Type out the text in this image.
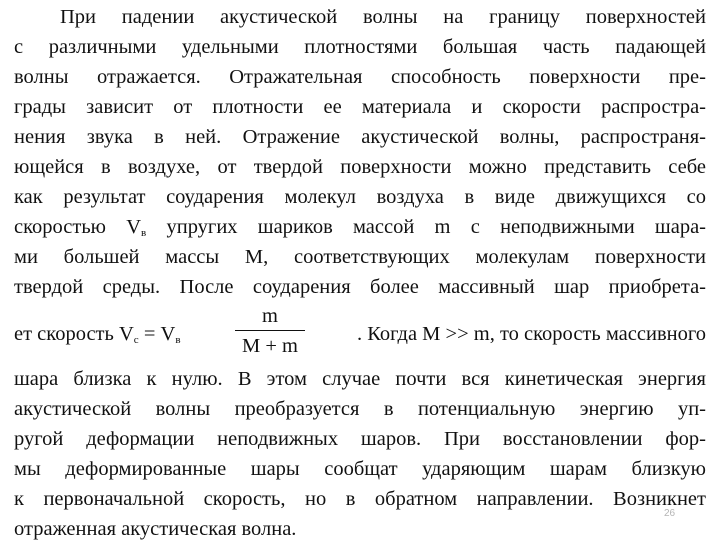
При падении акустической волны на границу поверхностей
с различными удельными плотностями большая часть падающей
волны отражается. Отражательная способность поверхности пре-
грады зависит от плотности ее материала и скорости распростра-
нения звука в ней. Отражение акустической волны, распространя-
ющейся в воздухе, от твердой поверхности можно представить себе
как результат соударения молекул воздуха в виде движущихся со
скоростью $V_в$ упругих шариков массой m с неподвижными шара-
ми большей массы M, соответствующих молекулам поверхности
твердой среды. После соударения более массивный шар приобрета-
ет скорость $V_с = V_в$	$\frac{m}{M + m}$	. Когда M >> m, то скорость массивного
шара близка к нулю. В этом случае почти вся кинетическая энергия
акустической волны преобразуется в потенциальную энергию уп-
ругой деформации неподвижных шаров. При восстановлении фор-
мы деформированные шары сообщат ударяющим шарам близкую
к первоначальной скорость, но в обратном направлении. Возникнет
отраженная акустическая волна.
26
